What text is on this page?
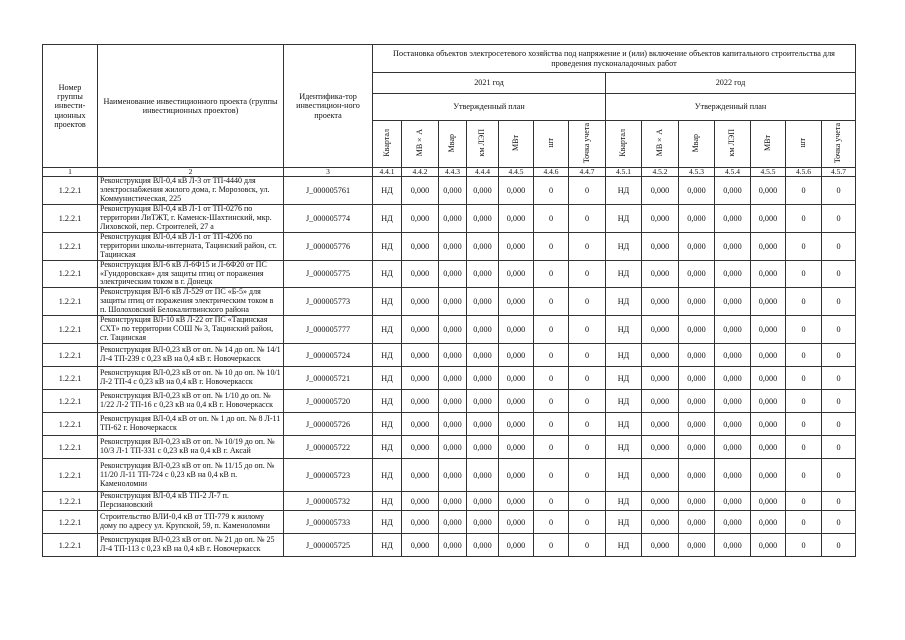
Номер группы инвести-ционных проектов	Наименование инвестиционного проекта (группы инвестиционных проектов)	Идентифика-тор инвестицион-ного проекта	Постановка объектов электросетевого хозяйства под напряжение и (или) включение объектов капитального строительства для проведения пусконаладочных работ													
			2021 год							2022 год						
			Утвержденный план							Утвержденный план						
			Квартал	МВ×А	Мвар	км ЛЭП	МВт	шт	Точка учета	Квартал	МВ×А	Мвар	км ЛЭП	МВт	шт	Точка учета
1	2	3	4.4.1	4.4.2	4.4.3	4.4.4	4.4.5	4.4.6	4.4.7	4.5.1	4.5.2	4.5.3	4.5.4	4.5.5	4.5.6	4.5.7
1.2.2.1	Реконструкция ВЛ-0,4 кВ Л-3 от ТП-4440 для электроснабжения жилого дома, г. Морозовск, ул. Коммунистическая, 225	J_000005761	НД	0,000	0,000	0,000	0,000	0	0	НД	0,000	0,000	0,000	0,000	0	0
1.2.2.1	Реконструкция ВЛ-0,4 кВ Л-1 от ТП-0276 по территории ЛиТЖТ, г. Каменск-Шахтинский, мкр. Лиховской, пер. Строителей, 27 а	J_000005774	НД	0,000	0,000	0,000	0,000	0	0	НД	0,000	0,000	0,000	0,000	0	0
1.2.2.1	Реконструкция ВЛ-0,4 кВ Л-1 от ТП-4206 по территории школы-интерната, Тацинский район, ст. Тацинская	J_000005776	НД	0,000	0,000	0,000	0,000	0	0	НД	0,000	0,000	0,000	0,000	0	0
1.2.2.1	Реконструкция ВЛ-6 кВ Л-6Ф15 и Л-6Ф20 от ПС «Гундоровская» для защиты птиц от поражения электрическим током в г. Донецк	J_000005775	НД	0,000	0,000	0,000	0,000	0	0	НД	0,000	0,000	0,000	0,000	0	0
1.2.2.1	Реконструкция ВЛ-6 кВ Л-529 от ПС «Б-5» для защиты птиц от поражения электрическим током в п. Шолоховский Белокалитвинского района	J_000005773	НД	0,000	0,000	0,000	0,000	0	0	НД	0,000	0,000	0,000	0,000	0	0
1.2.2.1	Реконструкция ВЛ-10 кВ Л-22 от ПС «Тацинская СХТ» по территории СОШ № 3, Тацинский район, ст. Тацинская	J_000005777	НД	0,000	0,000	0,000	0,000	0	0	НД	0,000	0,000	0,000	0,000	0	0
1.2.2.1	Реконструкция ВЛ-0,23 кВ от оп. № 14 до оп. № 14/1 Л-4 ТП-239 с 0,23 кВ на 0,4 кВ г. Новочеркасск	J_000005724	НД	0,000	0,000	0,000	0,000	0	0	НД	0,000	0,000	0,000	0,000	0	0
1.2.2.1	Реконструкция ВЛ-0,23 кВ от оп. № 10 до оп. № 10/1 Л-2 ТП-4 с 0,23 кВ на 0,4 кВ г. Новочеркасск	J_000005721	НД	0,000	0,000	0,000	0,000	0	0	НД	0,000	0,000	0,000	0,000	0	0
1.2.2.1	Реконструкция ВЛ-0,23 кВ от оп. № 1/10 до оп. № 1/22 Л-2 ТП-16 с 0,23 кВ на 0,4 кВ г. Новочеркасск	J_000005720	НД	0,000	0,000	0,000	0,000	0	0	НД	0,000	0,000	0,000	0,000	0	0
1.2.2.1	Реконструкция ВЛ-0,4 кВ от оп. № 1 до оп. № 8 Л-11 ТП-62 г. Новочеркасск	J_000005726	НД	0,000	0,000	0,000	0,000	0	0	НД	0,000	0,000	0,000	0,000	0	0
1.2.2.1	Реконструкция ВЛ-0,23 кВ от оп. № 10/19 до оп. № 10/3 Л-1 ТП-331 с 0,23 кВ на 0,4 кВ г. Аксай	J_000005722	НД	0,000	0,000	0,000	0,000	0	0	НД	0,000	0,000	0,000	0,000	0	0
1.2.2.1	Реконструкция ВЛ-0,23 кВ от оп. № 11/15 до оп. № 11/20 Л-11 ТП-724 с 0,23 кВ на 0,4 кВ п. Каменоломни	J_000005723	НД	0,000	0,000	0,000	0,000	0	0	НД	0,000	0,000	0,000	0,000	0	0
1.2.2.1	Реконструкция ВЛ-0,4 кВ ТП-2 Л-7 п. Персиановский	J_000005732	НД	0,000	0,000	0,000	0,000	0	0	НД	0,000	0,000	0,000	0,000	0	0
1.2.2.1	Строительство ВЛИ-0,4 кВ от ТП-779 к жилому дому по адресу ул. Крупской, 59, п. Каменоломни	J_000005733	НД	0,000	0,000	0,000	0,000	0	0	НД	0,000	0,000	0,000	0,000	0	0
1.2.2.1	Реконструкция ВЛ-0,23 кВ от оп. № 21 до оп. № 25 Л-4 ТП-113 с 0,23 кВ на 0,4 кВ г. Новочеркасск	J_000005725	НД	0,000	0,000	0,000	0,000	0	0	НД	0,000	0,000	0,000	0,000	0	0
